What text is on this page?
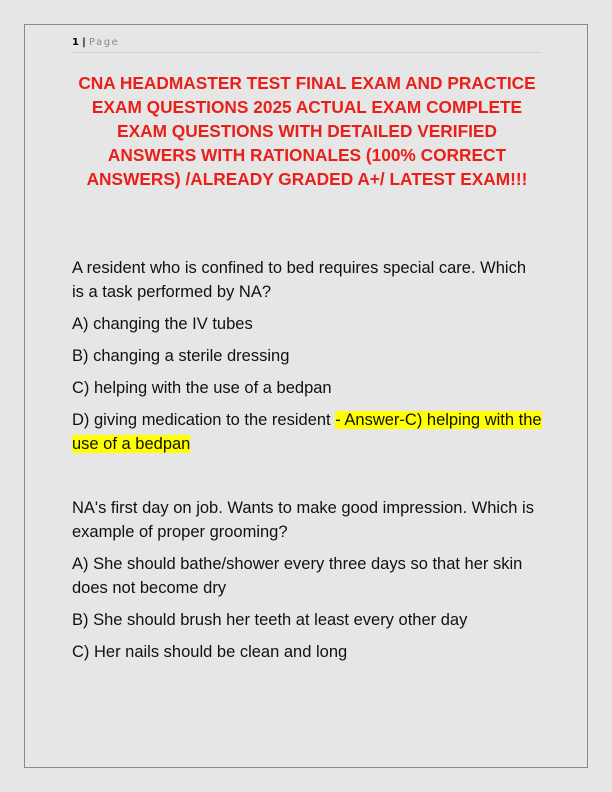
1 | Page
CNA HEADMASTER TEST FINAL EXAM AND PRACTICE EXAM QUESTIONS 2025 ACTUAL EXAM COMPLETE EXAM QUESTIONS WITH DETAILED VERIFIED ANSWERS WITH RATIONALES (100% CORRECT ANSWERS) /ALREADY GRADED A+/ LATEST EXAM!!!

A resident who is confined to bed requires special care. Which is a task performed by NA?

A) changing the IV tubes

B) changing a sterile dressing

C) helping with the use of a bedpan

D) giving medication to the resident - Answer-C) helping with the use of a bedpan

NA's first day on job. Wants to make good impression. Which is example of proper grooming?

A) She should bathe/shower every three days so that her skin does not become dry

B) She should brush her teeth at least every other day

C) Her nails should be clean and long
